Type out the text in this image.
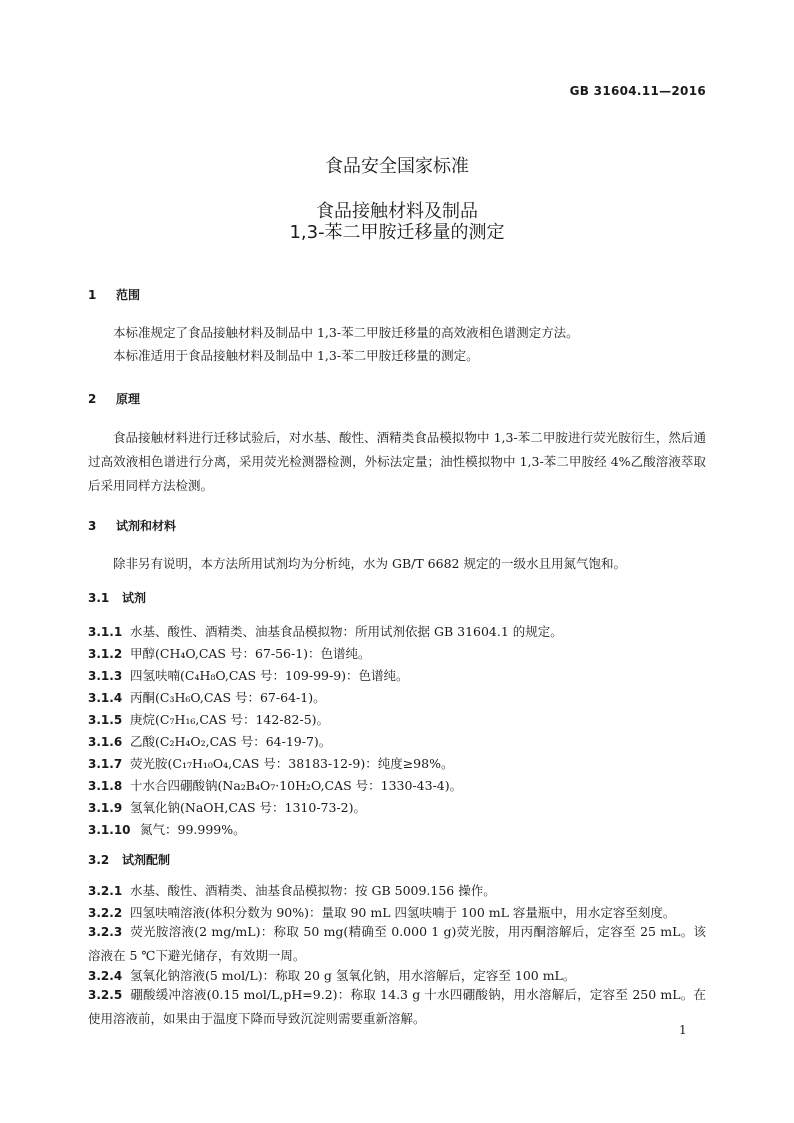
GB 31604.11—2016
食品安全国家标准
食品接触材料及制品
1,3-苯二甲胺迁移量的测定
1 范围
本标准规定了食品接触材料及制品中 1,3-苯二甲胺迁移量的高效液相色谱测定方法。
本标准适用于食品接触材料及制品中 1,3-苯二甲胺迁移量的测定。
2 原理
食品接触材料进行迁移试验后，对水基、酸性、酒精类食品模拟物中 1,3-苯二甲胺进行荧光胺衍生，然后通过高效液相色谱进行分离，采用荧光检测器检测，外标法定量；油性模拟物中 1,3-苯二甲胺经 4%乙酸溶液萃取后采用同样方法检测。
3 试剂和材料
除非另有说明，本方法所用试剂均为分析纯，水为 GB/T 6682 规定的一级水且用氮气饱和。
3.1 试剂
3.1.1 水基、酸性、酒精类、油基食品模拟物：所用试剂依据 GB 31604.1 的规定。
3.1.2 甲醇(CH₄O,CAS 号：67-56-1)：色谱纯。
3.1.3 四氢呋喃(C₄H₈O,CAS 号：109-99-9)：色谱纯。
3.1.4 丙酮(C₃H₆O,CAS 号：67-64-1)。
3.1.5 庚烷(C₇H₁₆,CAS 号：142-82-5)。
3.1.6 乙酸(C₂H₄O₂,CAS 号：64-19-7)。
3.1.7 荧光胺(C₁₇H₁₀O₄,CAS 号：38183-12-9)：纯度≥98%。
3.1.8 十水合四硼酸钠(Na₂B₄O₇·10H₂O,CAS 号：1330-43-4)。
3.1.9 氢氧化钠(NaOH,CAS 号：1310-73-2)。
3.1.10 氮气：99.999%。
3.2 试剂配制
3.2.1 水基、酸性、酒精类、油基食品模拟物：按 GB 5009.156 操作。
3.2.2 四氢呋喃溶液(体积分数为 90%)：量取 90 mL 四氢呋喃于 100 mL 容量瓶中，用水定容至刻度。
3.2.3 荧光胺溶液(2 mg/mL)：称取 50 mg(精确至 0.000 1 g)荧光胺，用丙酮溶解后，定容至 25 mL。该溶液在 5 ℃下避光储存，有效期一周。
3.2.4 氢氧化钠溶液(5 mol/L)：称取 20 g 氢氧化钠，用水溶解后，定容至 100 mL。
3.2.5 硼酸缓冲溶液(0.15 mol/L,pH=9.2)：称取 14.3 g 十水四硼酸钠，用水溶解后，定容至 250 mL。在使用溶液前，如果由于温度下降而导致沉淀则需要重新溶解。
1
